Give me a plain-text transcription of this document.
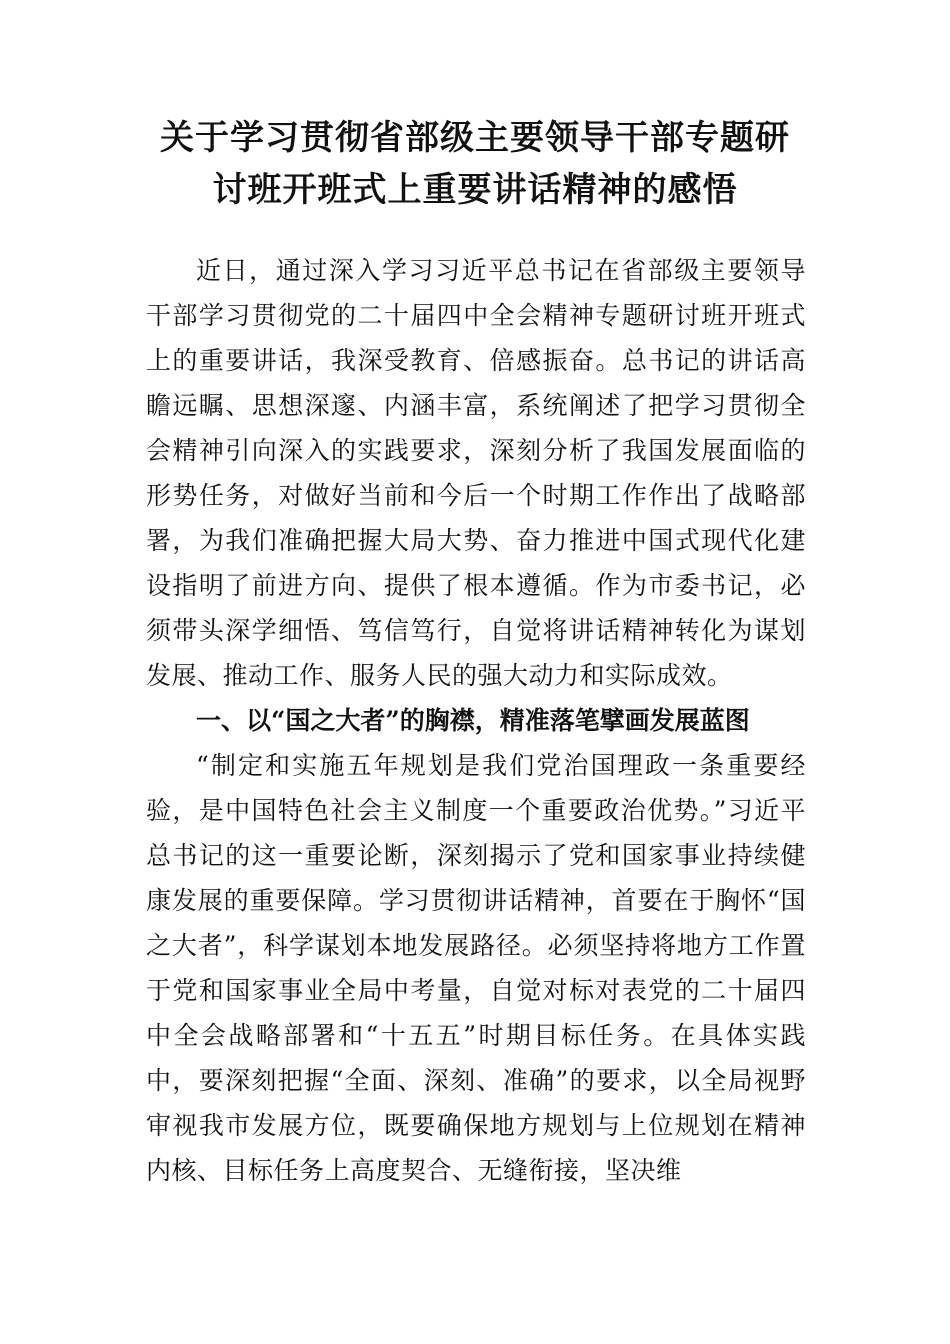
关于学习贯彻省部级主要领导干部专题研
讨班开班式上重要讲话精神的感悟

近日，通过深入学习习近平总书记在省部级主要领导干部学习贯彻党的二十届四中全会精神专题研讨班开班式上的重要讲话，我深受教育、倍感振奋。总书记的讲话高瞻远瞩、思想深邃、内涵丰富，系统阐述了把学习贯彻全会精神引向深入的实践要求，深刻分析了我国发展面临的形势任务，对做好当前和今后一个时期工作作出了战略部署，为我们准确把握大局大势、奋力推进中国式现代化建设指明了前进方向、提供了根本遵循。作为市委书记，必须带头深学细悟、笃信笃行，自觉将讲话精神转化为谋划发展、推动工作、服务人民的强大动力和实际成效。

一、以“国之大者”的胸襟，精准落笔擘画发展蓝图

“制定和实施五年规划是我们党治国理政一条重要经验，是中国特色社会主义制度一个重要政治优势。”习近平总书记的这一重要论断，深刻揭示了党和国家事业持续健康发展的重要保障。学习贯彻讲话精神，首要在于胸怀“国之大者”，科学谋划本地发展路径。必须坚持将地方工作置于党和国家事业全局中考量，自觉对标对表党的二十届四中全会战略部署和“十五五”时期目标任务。在具体实践中，要深刻把握“全面、深刻、准确”的要求，以全局视野审视我市发展方位，既要确保地方规划与上位规划在精神内核、目标任务上高度契合、无缝衔接，坚决维
